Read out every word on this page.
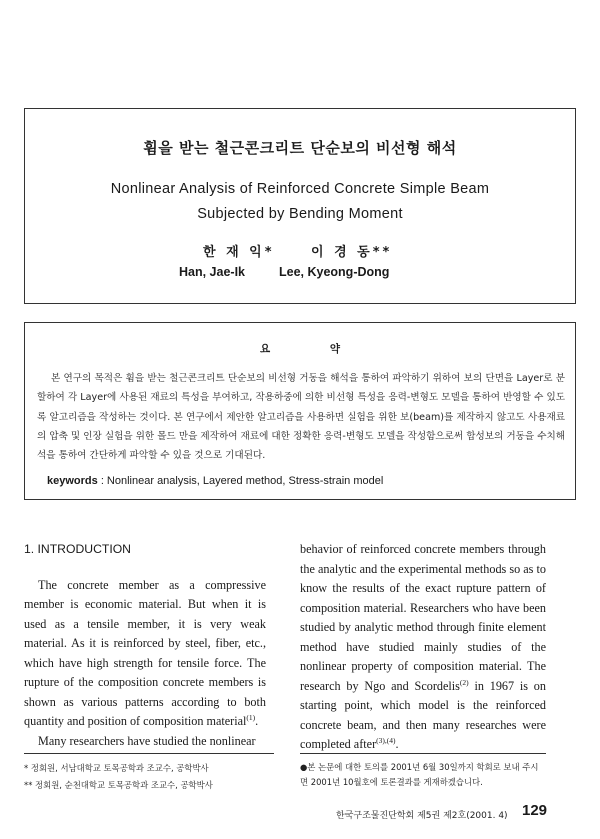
휨을 받는 철근콘크리트 단순보의 비선형 해석
Nonlinear Analysis of Reinforced Concrete Simple Beam
Subjected by Bending Moment
한 재 익*	이 경 동**
Han, Jae-Ik	Lee, Kyeong-Dong
요 약
본 연구의 목적은 휨을 받는 철근콘크리트 단순보의 비선형 거동을 해석을 통하여 파악하기 위하여 보의 단면을 Layer로 분할하여 각 Layer에 사용된 재료의 특성을 부여하고, 작용하중에 의한 비선형 특성을 응력-변형도 모델을 통하여 반영할 수 있도록 알고리즘을 작성하는 것이다. 본 연구에서 제안한 알고리즘을 사용하면 실험을 위한 보(beam)를 제작하지 않고도 사용재료의 압축 및 인장 실험을 위한 몰드 만을 제작하여 재료에 대한 정확한 응력-변형도 모델을 작성함으로써 합성보의 거동을 수치해석을 통하여 간단하게 파악할 수 있을 것으로 기대된다.
keywords : Nonlinear analysis, Layered method, Stress-strain model
1. INTRODUCTION

The concrete member as a compressive member is economic material. But when it is used as a tensile member, it is very weak material. As it is reinforced by steel, fiber, etc., which have high strength for tensile force. The rupture of the composition concrete members is shown as various patterns according to both quantity and position of composition material$^{(1)}$.

Many researchers have studied the nonlinear

behavior of reinforced concrete members through the analytic and the experimental methods so as to know the results of the exact rupture pattern of composition material. Researchers who have been studied by analytic method through finite element method have studied mainly studies of the nonlinear property of composition material. The research by Ngo and Scordelis$^{(2)}$ in 1967 is on starting point, which model is the reinforced concrete beam, and then many researches were completed after$^{(3),(4)}$.

* 정회원, 서남대학교 토목공학과 조교수, 공학박사
** 정회원, 순천대학교 토목공학과 조교수, 공학박사
●본 논문에 대한 토의를 2001년 6월 30일까지 학회로 보내 주시면 2001년 10월호에 토론결과를 게재하겠습니다.
한국구조물진단학회 제5권 제2호(2001. 4) 129
